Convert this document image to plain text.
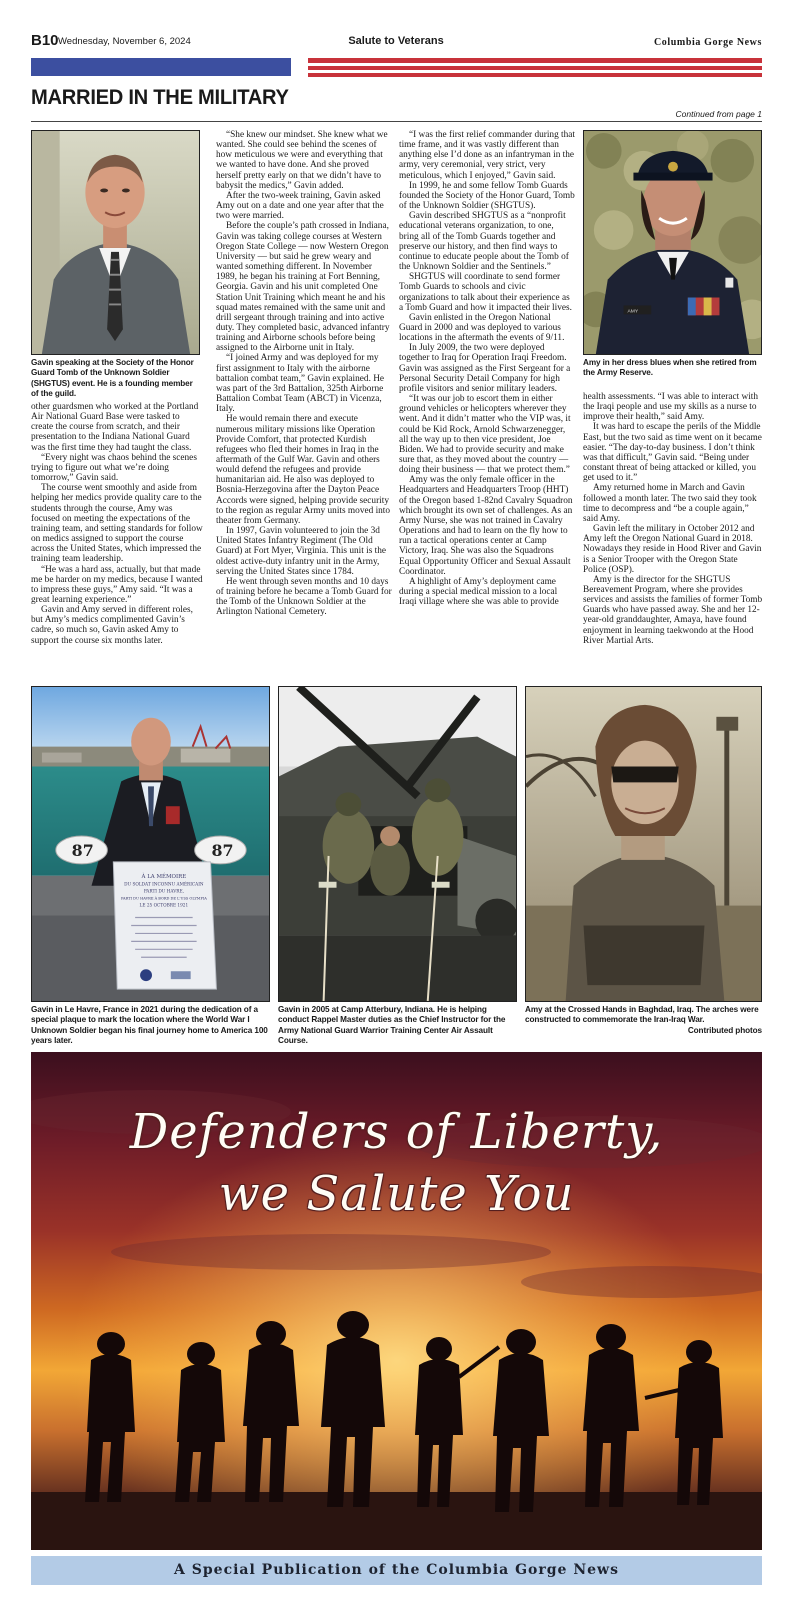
B10 Wednesday, November 6, 2024	Salute to Veterans	Columbia Gorge News
MARRIED IN THE MILITARY
Continued from page 1
Gavin speaking at the Society of the Honor Guard Tomb of the Unknown Soldier (SHGTUS) event. He is a founding member of the guild.
AMY
Amy in her dress blues when she retired from the Army Reserve.

other guardsmen who worked at the Portland Air National Guard Base were tasked to create the course from scratch, and their presentation to the Indiana National Guard was the first time they had taught the class.

“Every night was chaos behind the scenes trying to figure out what we’re doing tomorrow,” Gavin said.

The course went smoothly and aside from helping her medics provide quality care to the students through the course, Amy was focused on meeting the expectations of the training team, and setting standards for follow on medics assigned to support the course across the United States, which impressed the training team leadership.

“He was a hard ass, actually, but that made me be harder on my medics, because I wanted to impress these guys,” Amy said. “It was a great learning experience.”

Gavin and Amy served in different roles, but Amy’s medics complimented Gavin’s cadre, so much so, Gavin asked Amy to support the course six months later.

“She knew our mindset. She knew what we wanted. She could see behind the scenes of how meticulous we were and everything that we wanted to have done. And she proved herself pretty early on that we didn’t have to babysit the medics,” Gavin added.

After the two-week training, Gavin asked Amy out on a date and one year after that the two were married.

Before the couple’s path crossed in Indiana, Gavin was taking college courses at Western Oregon State College — now Western Oregon University — but said he grew weary and wanted something different. In November 1989, he began his training at Fort Benning, Georgia. Gavin and his unit completed One Station Unit Training which meant he and his squad mates remained with the same unit and drill sergeant through training and into active duty. They completed basic, advanced infantry training and Airborne schools before being assigned to the Airborne unit in Italy.

“I joined Army and was deployed for my first assignment to Italy with the airborne battalion combat team,” Gavin explained. He was part of the 3rd Battalion, 325th Airborne Battalion Combat Team (ABCT) in Vicenza, Italy.

He would remain there and execute numerous military missions like Operation Provide Comfort, that protected Kurdish refugees who fled their homes in Iraq in the aftermath of the Gulf War. Gavin and others would defend the refugees and provide humanitarian aid. He also was deployed to Bosnia-Herzegovina after the Dayton Peace Accords were signed, helping provide security to the region as regular Army units moved into theater from Germany.

In 1997, Gavin volunteered to join the 3d United States Infantry Regiment (The Old Guard) at Fort Myer, Virginia. This unit is the oldest active-duty infantry unit in the Army, serving the United States since 1784.

He went through seven months and 10 days of training before he became a Tomb Guard for the Tomb of the Unknown Soldier at the Arlington National Cemetery.

“I was the first relief commander during that time frame, and it was vastly different than anything else I’d done as an infantryman in the army, very ceremonial, very strict, very meticulous, which I enjoyed,” Gavin said.

In 1999, he and some fellow Tomb Guards founded the Society of the Honor Guard, Tomb of the Unknown Soldier (SHGTUS).

Gavin described SHGTUS as a “nonprofit educational veterans organization, to one, bring all of the Tomb Guards together and preserve our history, and then find ways to continue to educate people about the Tomb of the Unknown Soldier and the Sentinels.”

SHGTUS will coordinate to send former Tomb Guards to schools and civic organizations to talk about their experience as a Tomb Guard and how it impacted their lives.

Gavin enlisted in the Oregon National Guard in 2000 and was deployed to various locations in the aftermath the events of 9/11.

In July 2009, the two were deployed together to Iraq for Operation Iraqi Freedom. Gavin was assigned as the First Sergeant for a Personal Security Detail Company for high profile visitors and senior military leaders.

“It was our job to escort them in either ground vehicles or helicopters wherever they went. And it didn’t matter who the VIP was, it could be Kid Rock, Arnold Schwarzenegger, all the way up to then vice president, Joe Biden. We had to provide security and make sure that, as they moved about the country — doing their business — that we protect them.”

Amy was the only female officer in the Headquarters and Headquarters Troop (HHT) of the Oregon based 1-82nd Cavalry Squadron which brought its own set of challenges. As an Army Nurse, she was not trained in Cavalry Operations and had to learn on the fly how to run a tactical operations center at Camp Victory, Iraq. She was also the Squadrons Equal Opportunity Officer and Sexual Assault Coordinator.

A highlight of Amy’s deployment came during a special medical mission to a local Iraqi village where she was able to provide

health assessments. “I was able to interact with the Iraqi people and use my skills as a nurse to improve their health,” said Amy.

It was hard to escape the perils of the Middle East, but the two said as time went on it became easier. “The day-to-day business. I don’t think was that difficult,” Gavin said. “Being under constant threat of being attacked or killed, you get used to it.”

Amy returned home in March and Gavin followed a month later. The two said they took time to decompress and “be a couple again,” said Amy.

Gavin left the military in October 2012 and Amy left the Oregon National Guard in 2018. Nowadays they reside in Hood River and Gavin is a Senior Trooper with the Oregon State Police (OSP).

Amy is the director for the SHGTUS Bereavement Program, where she provides services and assists the families of former Tomb Guards who have passed away. She and her 12-year-old granddaughter, Amaya, have found enjoyment in learning taekwondo at the Hood River Martial Arts.

87	87
À LA MÉMOIRE
DU SOLDAT INCONNU AMÉRICAIN
PARTI DU HAVRE,
PARTI DU HAVRE À BORD DE L'USS OLYMPIA
LE 25 OCTOBRE 1921
Gavin in Le Havre, France in 2021 during the dedication of a special plaque to mark the location where the World War I Unknown Soldier began his final journey home to America 100 years later.
Gavin in 2005 at Camp Atterbury, Indiana. He is helping conduct Rappel Master duties as the Chief Instructor for the Army National Guard Warrior Training Center Air Assault Course.
Amy at the Crossed Hands in Baghdad, Iraq. The arches were constructed to commemorate the Iran-Iraq War.
Contributed photos
Defenders of Liberty,
we Salute You
A Special Publication of the Columbia Gorge News
